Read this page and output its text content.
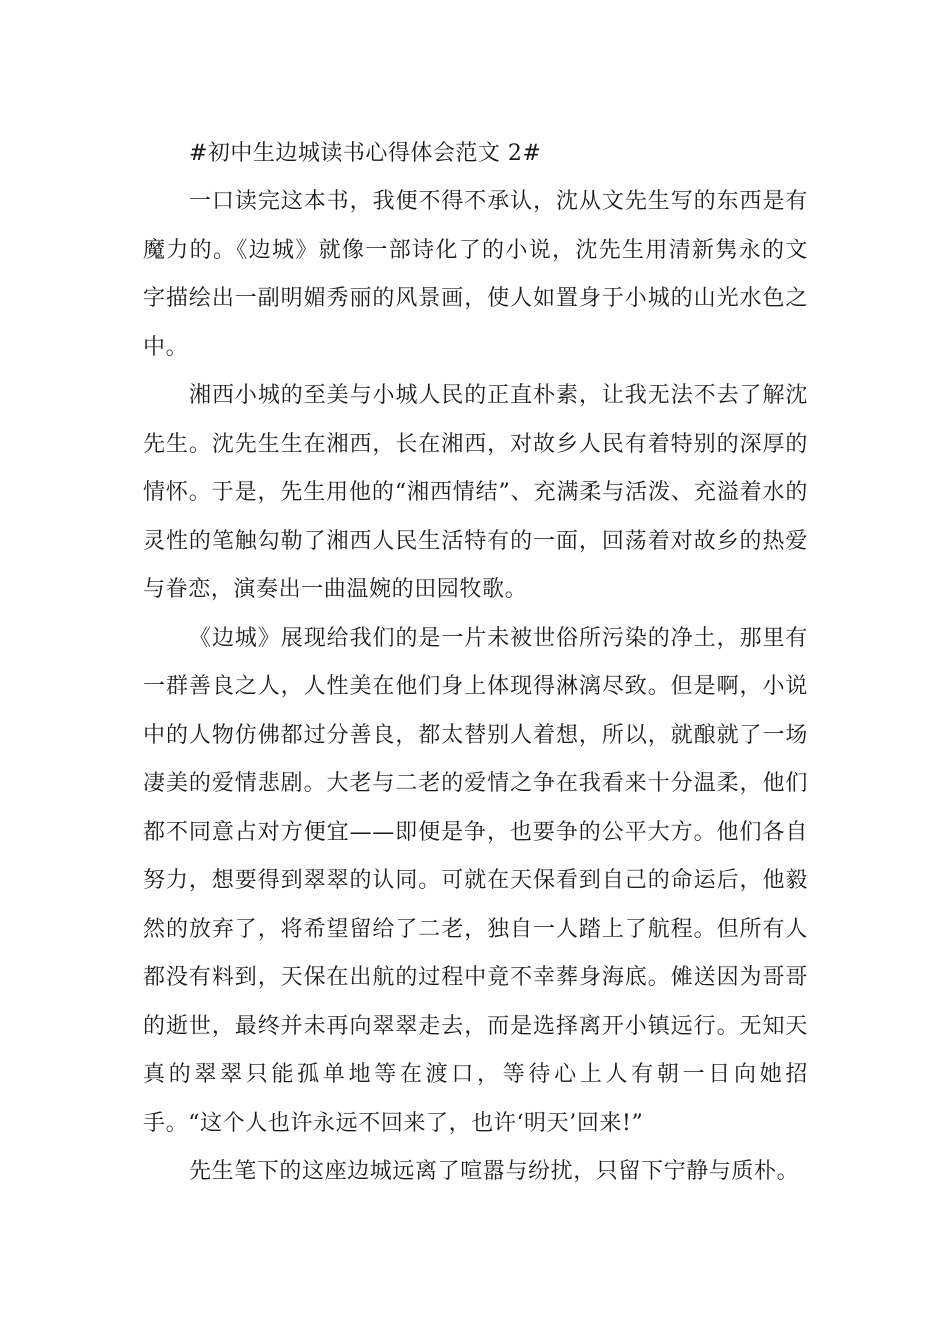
#初中生边城读书心得体会范文 2#

一口读完这本书，我便不得不承认，沈从文先生写的东西是有魔力的。《边城》就像一部诗化了的小说，沈先生用清新隽永的文字描绘出一副明媚秀丽的风景画，使人如置身于小城的山光水色之中。

湘西小城的至美与小城人民的正直朴素，让我无法不去了解沈先生。沈先生生在湘西，长在湘西，对故乡人民有着特别的深厚的情怀。于是，先生用他的“湘西情结”、充满柔与活泼、充溢着水的灵性的笔触勾勒了湘西人民生活特有的一面，回荡着对故乡的热爱与眷恋，演奏出一曲温婉的田园牧歌。

《边城》展现给我们的是一片未被世俗所污染的净土，那里有一群善良之人，人性美在他们身上体现得淋漓尽致。但是啊，小说中的人物仿佛都过分善良，都太替别人着想，所以，就酿就了一场凄美的爱情悲剧。大老与二老的爱情之争在我看来十分温柔，他们都不同意占对方便宜——即便是争，也要争的公平大方。他们各自努力，想要得到翠翠的认同。可就在天保看到自己的命运后，他毅然的放弃了，将希望留给了二老，独自一人踏上了航程。但所有人都没有料到，天保在出航的过程中竟不幸葬身海底。傩送因为哥哥的逝世，最终并未再向翠翠走去，而是选择离开小镇远行。无知天真的翠翠只能孤单地等在渡口，等待心上人有朝一日向她招手。“这个人也许永远不回来了，也许‘明天’回来!”

先生笔下的这座边城远离了喧嚣与纷扰，只留下宁静与质朴。
